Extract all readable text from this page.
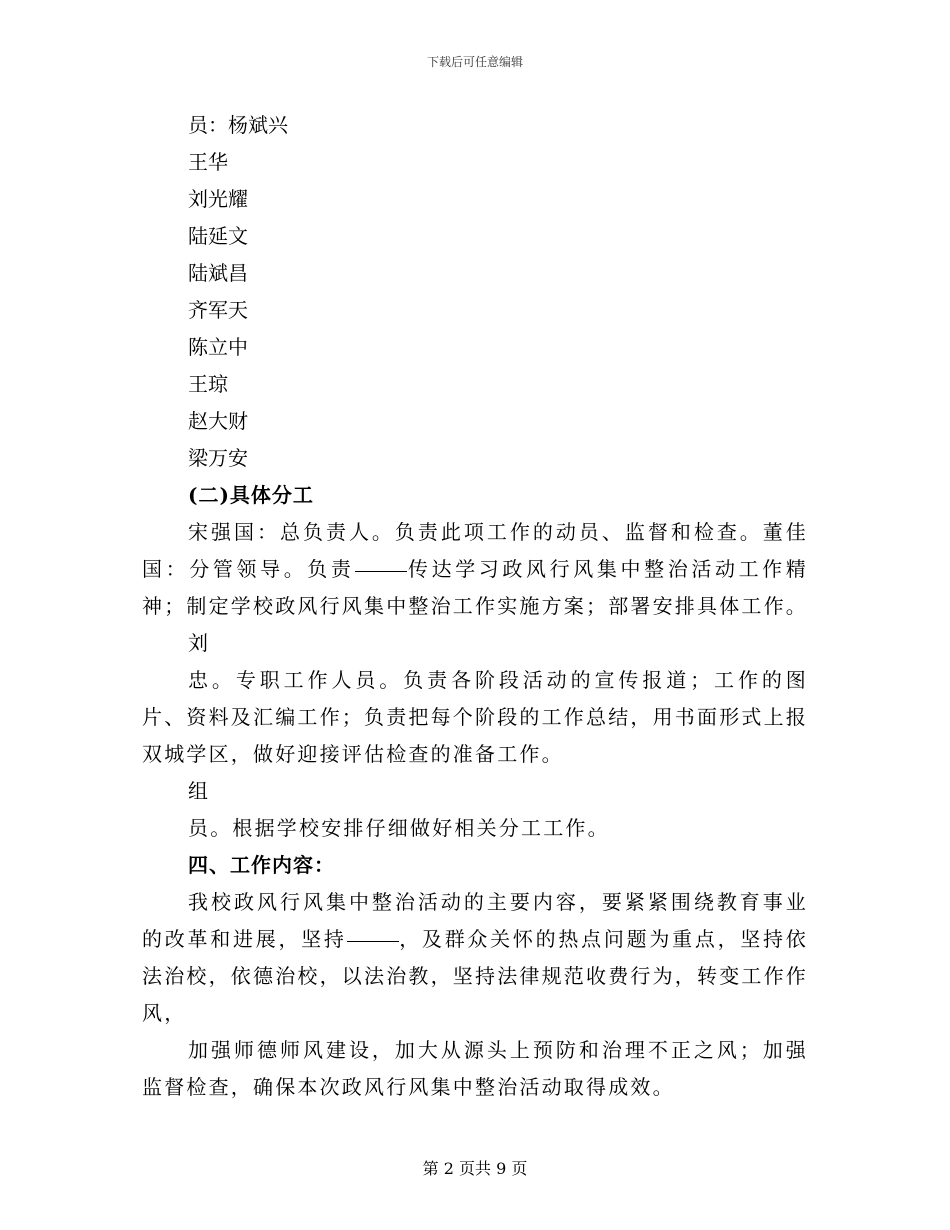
下载后可任意编辑
员：杨斌兴
王华
刘光耀
陆延文
陆斌昌
齐军天
陈立中
王琼
赵大财
梁万安
(二)具体分工
宋强国：总负责人。负责此项工作的动员、监督和检查。董佳国：分管领导。负责	传达学习政风行风集中整治活动工作精神；制定学校政风行风集中整治工作实施方案；部署安排具体工作。
刘
忠。专职工作人员。负责各阶段活动的宣传报道；工作的图片、资料及汇编工作；负责把每个阶段的工作总结，用书面形式上报双城学区，做好迎接评估检查的准备工作。
组
员。根据学校安排仔细做好相关分工工作。
四、工作内容：
我校政风行风集中整治活动的主要内容，要紧紧围绕教育事业的改革和进展，坚持	，及群众关怀的热点问题为重点，坚持依法治校，依德治校，以法治教，坚持法律规范收费行为，转变工作作风，
加强师德师风建设，加大从源头上预防和治理不正之风；加强监督检查，确保本次政风行风集中整治活动取得成效。
第 2 页共 9 页
